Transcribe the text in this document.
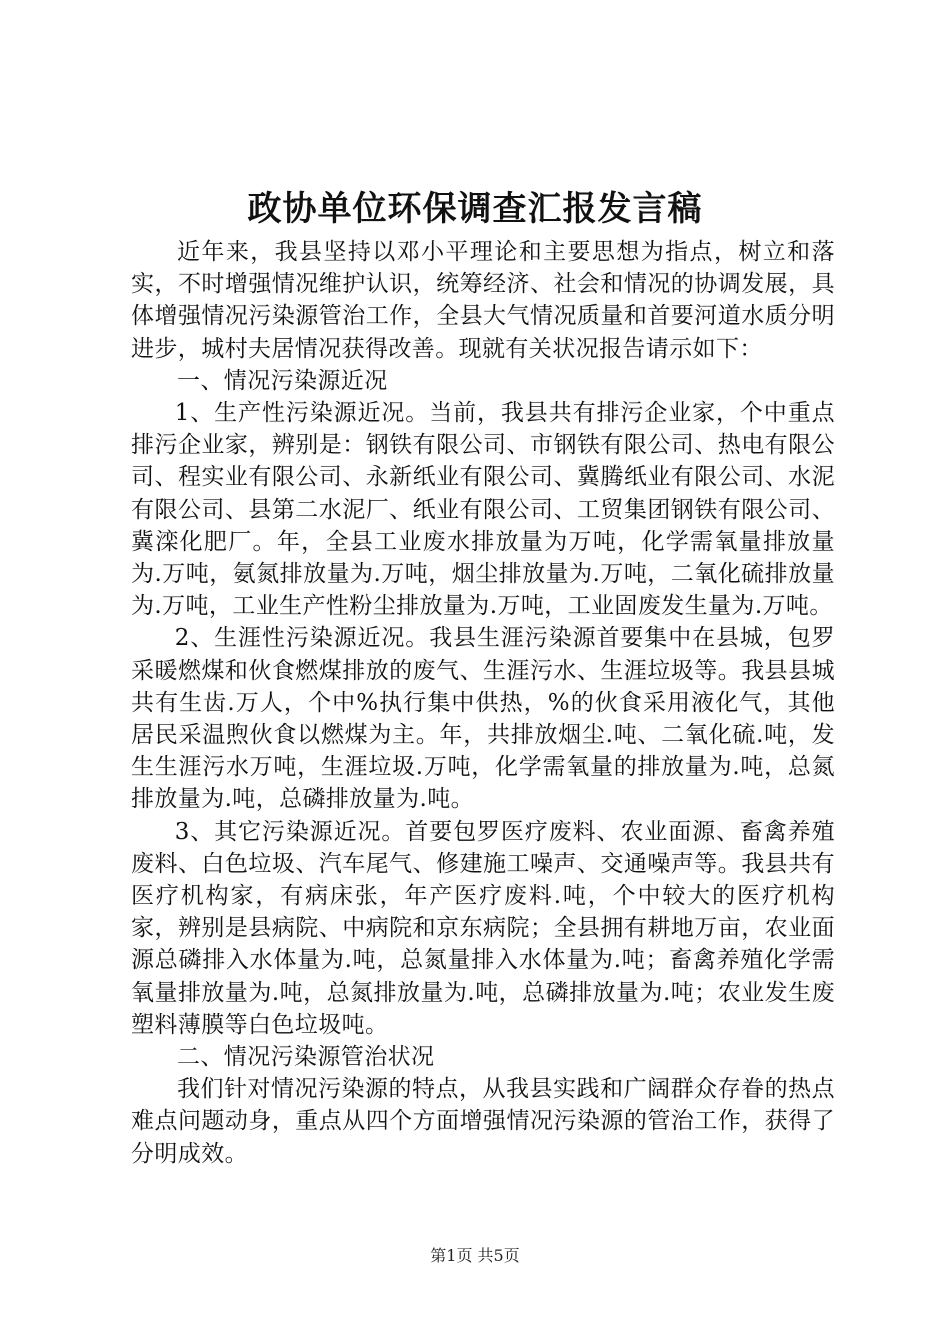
政协单位环保调查汇报发言稿

近年来，我县坚持以邓小平理论和主要思想为指点，树立和落实，不时增强情况维护认识，统筹经济、社会和情况的协调发展，具体增强情况污染源管治工作，全县大气情况质量和首要河道水质分明进步，城村夫居情况获得改善。现就有关状况报告请示如下：

一、情况污染源近况

1、生产性污染源近况。当前，我县共有排污企业家，个中重点排污企业家，辨别是：钢铁有限公司、市钢铁有限公司、热电有限公司、程实业有限公司、永新纸业有限公司、冀腾纸业有限公司、水泥有限公司、县第二水泥厂、纸业有限公司、工贸集团钢铁有限公司、冀滦化肥厂。年，全县工业废水排放量为万吨，化学需氧量排放量为.万吨，氨氮排放量为.万吨，烟尘排放量为.万吨，二氧化硫排放量为.万吨，工业生产性粉尘排放量为.万吨，工业固废发生量为.万吨。

2、生涯性污染源近况。我县生涯污染源首要集中在县城，包罗采暖燃煤和伙食燃煤排放的废气、生涯污水、生涯垃圾等。我县县城共有生齿.万人，个中%执行集中供热，%的伙食采用液化气，其他居民采温煦伙食以燃煤为主。年，共排放烟尘.吨、二氧化硫.吨，发生生涯污水万吨，生涯垃圾.万吨，化学需氧量的排放量为.吨，总氮排放量为.吨，总磷排放量为.吨。

3、其它污染源近况。首要包罗医疗废料、农业面源、畜禽养殖废料、白色垃圾、汽车尾气、修建施工噪声、交通噪声等。我县共有医疗机构家，有病床张，年产医疗废料.吨，个中较大的医疗机构家，辨别是县病院、中病院和京东病院；全县拥有耕地万亩，农业面源总磷排入水体量为.吨，总氮量排入水体量为.吨；畜禽养殖化学需氧量排放量为.吨，总氮排放量为.吨，总磷排放量为.吨；农业发生废塑料薄膜等白色垃圾吨。

二、情况污染源管治状况

我们针对情况污染源的特点，从我县实践和广阔群众存眷的热点难点问题动身，重点从四个方面增强情况污染源的管治工作，获得了分明成效。

第1页 共5页
